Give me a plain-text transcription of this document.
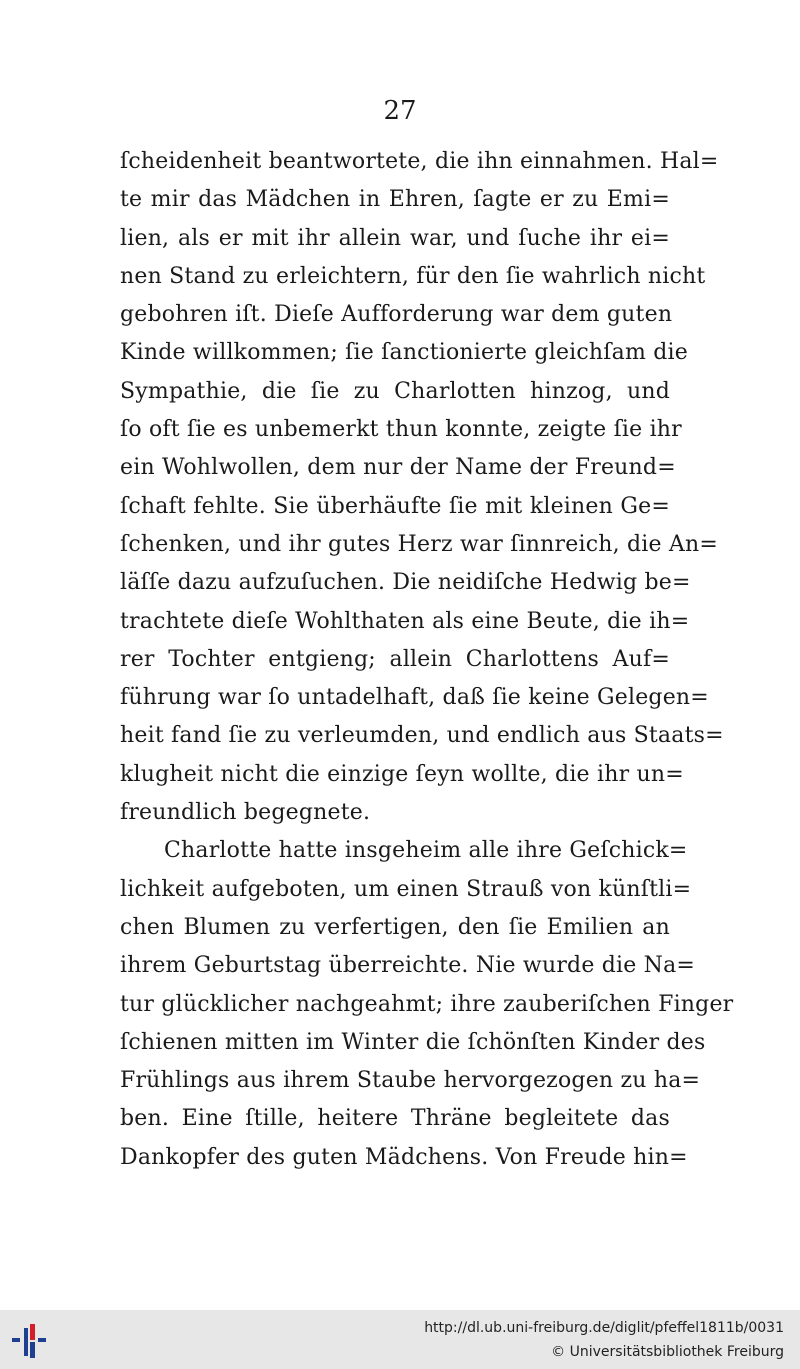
27
ſcheidenheit beantwortete, die ihn einnahmen. Hal=
te mir das Mädchen in Ehren, ſagte er zu Emi=
lien, als er mit ihr allein war, und ſuche ihr ei=
nen Stand zu erleichtern, für den ſie wahrlich nicht
gebohren iſt. Dieſe Aufforderung war dem guten
Kinde willkommen; ſie ſanctionierte gleichſam die
Sympathie, die ſie zu Charlotten hinzog, und
ſo oft ſie es unbemerkt thun konnte, zeigte ſie ihr
ein Wohlwollen, dem nur der Name der Freund=
ſchaft fehlte. Sie überhäufte ſie mit kleinen Ge=
ſchenken, und ihr gutes Herz war ſinnreich, die An=
läſſe dazu aufzuſuchen. Die neidiſche Hedwig be=
trachtete dieſe Wohlthaten als eine Beute, die ih=
rer Tochter entgieng; allein Charlottens Auf=
führung war ſo untadelhaft, daß ſie keine Gelegen=
heit fand ſie zu verleumden, und endlich aus Staats=
klugheit nicht die einzige ſeyn wollte, die ihr un=
freundlich begegnete.
Charlotte hatte insgeheim alle ihre Geſchick=
lichkeit aufgeboten, um einen Strauß von künſtli=
chen Blumen zu verfertigen, den ſie Emilien an
ihrem Geburtstag überreichte. Nie wurde die Na=
tur glücklicher nachgeahmt; ihre zauberiſchen Finger
ſchienen mitten im Winter die ſchönſten Kinder des
Frühlings aus ihrem Staube hervorgezogen zu ha=
ben. Eine ſtille, heitere Thräne begleitete das
Dankopfer des guten Mädchens. Von Freude hin=
http://dl.ub.uni-freiburg.de/diglit/pfeffel1811b/0031
© Universitätsbibliothek Freiburg
